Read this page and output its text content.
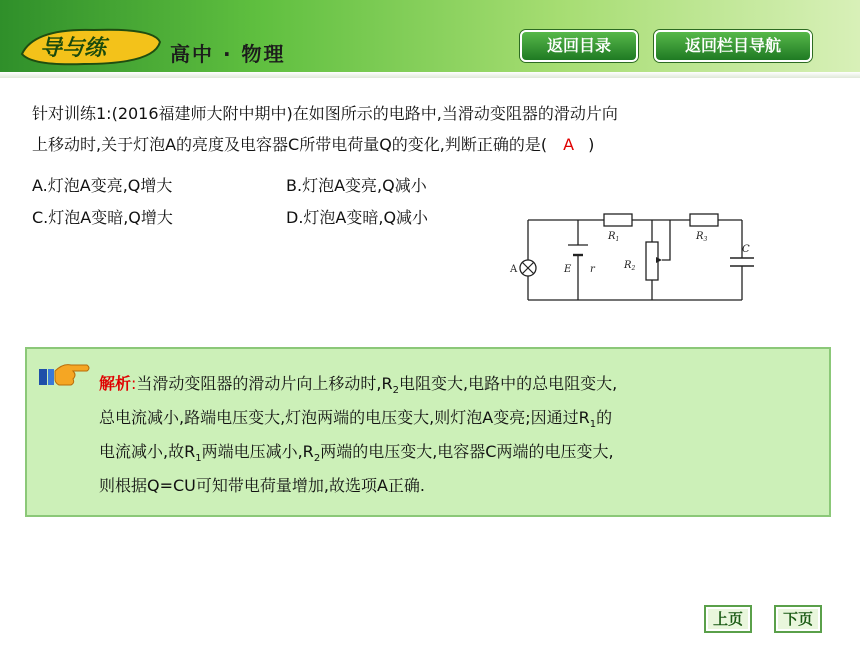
导与练	高中 · 物理	返回目录	返回栏目导航
针对训练1:(2016福建师大附中期中)在如图所示的电路中,当滑动变阻器的滑动片向
上移动时,关于灯泡A的亮度及电容器C所带电荷量Q的变化,判断正确的是( A )
A.灯泡A变亮,Q增大	B.灯泡A变亮,Q减小
C.灯泡A变暗,Q增大	D.灯泡A变暗,Q减小
A	E r
$R_1$
$R_2$
$R_3$
C
解析:当滑动变阻器的滑动片向上移动时$,R_2$电阻变大,电路中的总电阻变大,
总电流减小,路端电压变大,灯泡两端的电压变大,则灯泡A变亮;因通过$R_1$的
电流减小,故$R_1$两端电压减小$,R_2$两端的电压变大,电容器C两端的电压变大,
则根据Q=CU可知带电荷量增加,故选项A正确.
上页	下页
